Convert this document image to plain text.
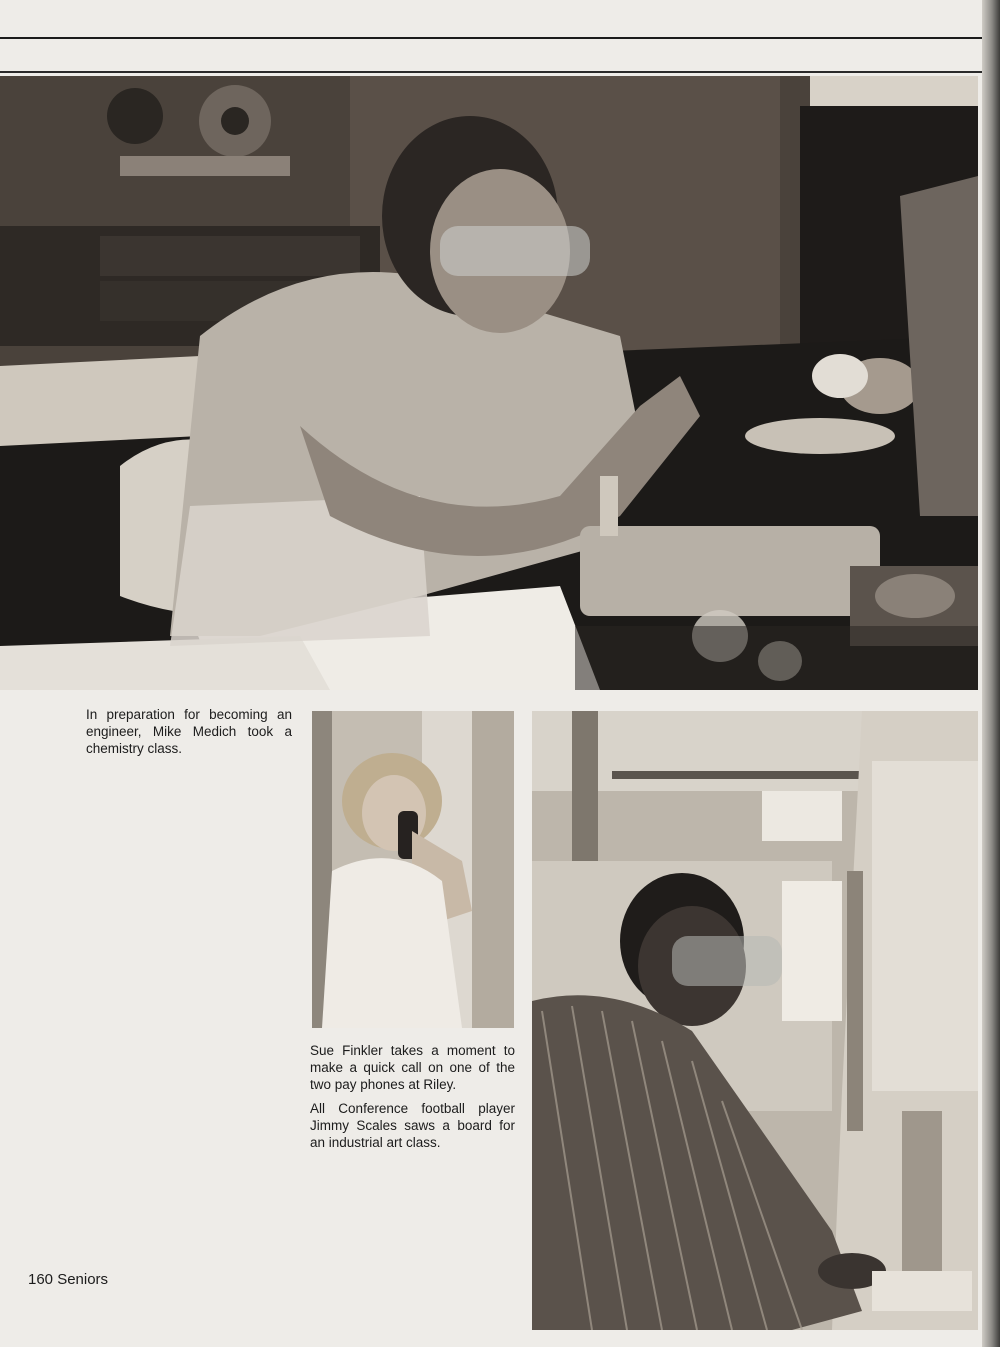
In preparation for becoming an engineer, Mike Medich took a chemistry class.

Sue Finkler takes a moment to make a quick call on one of the two pay phones at Riley.

All Conference football player Jimmy Scales saws a board for an industrial art class.

160 Seniors
